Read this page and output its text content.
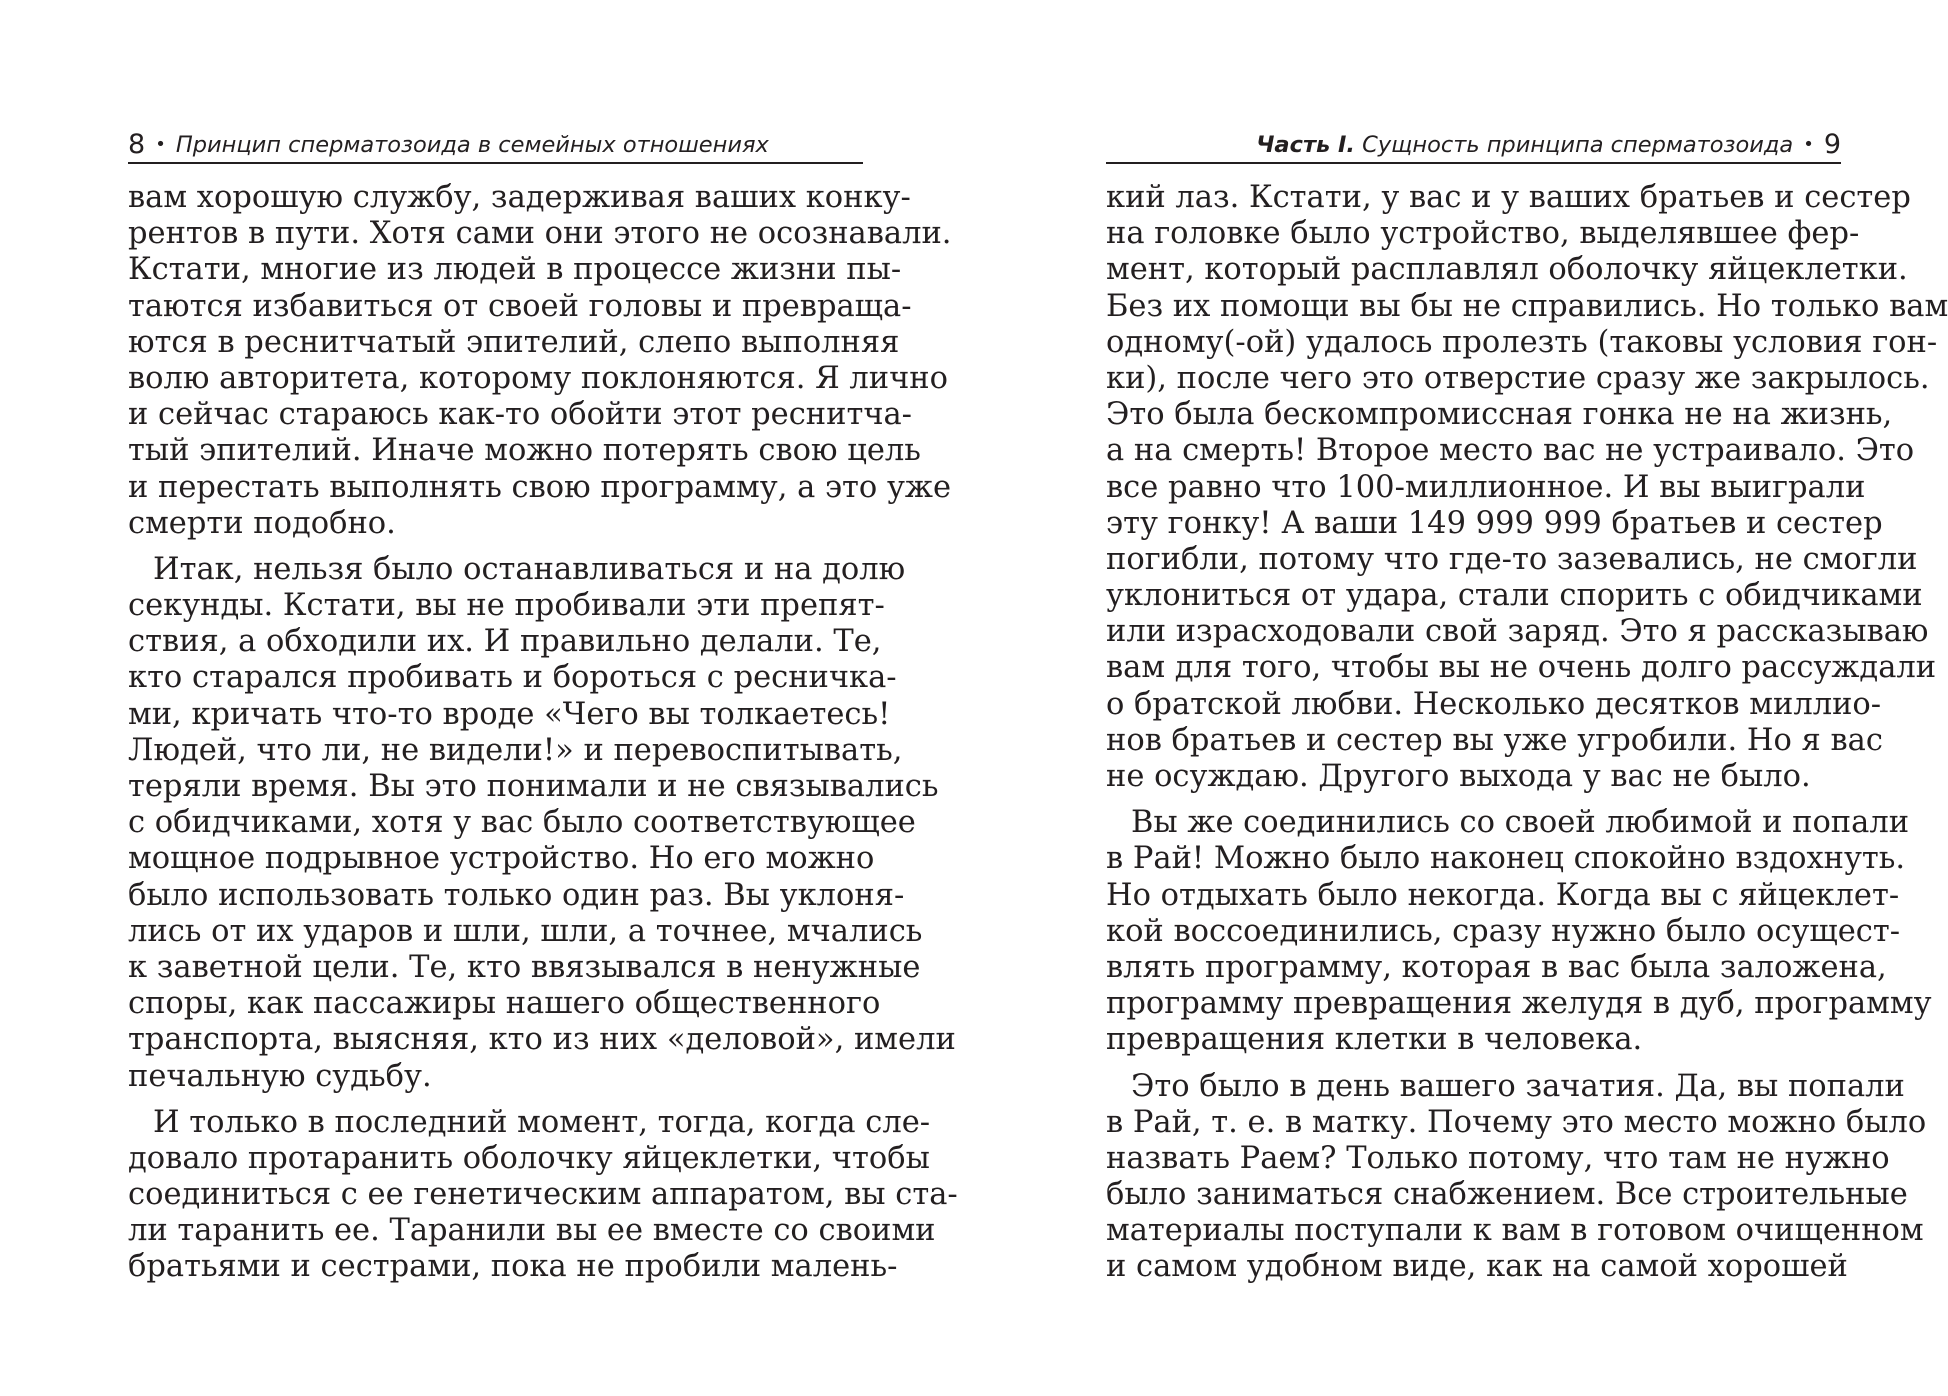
8 • Принцип сперматозоида в семейных отношениях
вам хорошую службу, задерживая ваших конку-
рентов в пути. Хотя сами они этого не осознавали.
Кстати, многие из людей в процессе жизни пы-
таются избавиться от своей головы и превраща-
ются в реснитчатый эпителий, слепо выполняя
волю авторитета, которому поклоняются. Я лично
и сейчас стараюсь как-то обойти этот реснитча-
тый эпителий. Иначе можно потерять свою цель
и перестать выполнять свою программу, а это уже
смерти подобно.
Итак, нельзя было останавливаться и на долю
секунды. Кстати, вы не пробивали эти препят-
ствия, а обходили их. И правильно делали. Те,
кто старался пробивать и бороться с ресничка-
ми, кричать что-то вроде «Чего вы толкаетесь!
Людей, что ли, не видели!» и перевоспитывать,
теряли время. Вы это понимали и не связывались
с обидчиками, хотя у вас было соответствующее
мощное подрывное устройство. Но его можно
было использовать только один раз. Вы уклоня-
лись от их ударов и шли, шли, а точнее, мчались
к заветной цели. Те, кто ввязывался в ненужные
споры, как пассажиры нашего общественного
транспорта, выясняя, кто из них «деловой», имели
печальную судьбу.
И только в последний момент, тогда, когда сле-
довало протаранить оболочку яйцеклетки, чтобы
соединиться с ее генетическим аппаратом, вы ста-
ли таранить ее. Таранили вы ее вместе со своими
братьями и сестрами, пока не пробили малень-
Часть I. Сущность принципа сперматозоида • 9
кий лаз. Кстати, у вас и у ваших братьев и сестер
на головке было устройство, выделявшее фер-
мент, который расплавлял оболочку яйцеклетки.
Без их помощи вы бы не справились. Но только вам
одному(-ой) удалось пролезть (таковы условия гон-
ки), после чего это отверстие сразу же закрылось.
Это была бескомпромиссная гонка не на жизнь,
а на смерть! Второе место вас не устраивало. Это
все равно что 100-миллионное. И вы выиграли
эту гонку! А ваши 149 999 999 братьев и сестер
погибли, потому что где-то зазевались, не смогли
уклониться от удара, стали спорить с обидчиками
или израсходовали свой заряд. Это я рассказываю
вам для того, чтобы вы не очень долго рассуждали
о братской любви. Несколько десятков миллио-
нов братьев и сестер вы уже угробили. Но я вас
не осуждаю. Другого выхода у вас не было.
Вы же соединились со своей любимой и попали
в Рай! Можно было наконец спокойно вздохнуть.
Но отдыхать было некогда. Когда вы с яйцеклет-
кой воссоединились, сразу нужно было осущест-
влять программу, которая в вас была заложена,
программу превращения желудя в дуб, программу
превращения клетки в человека.
Это было в день вашего зачатия. Да, вы попали
в Рай, т. е. в матку. Почему это место можно было
назвать Раем? Только потому, что там не нужно
было заниматься снабжением. Все строительные
материалы поступали к вам в готовом очищенном
и самом удобном виде, как на самой хорошей
